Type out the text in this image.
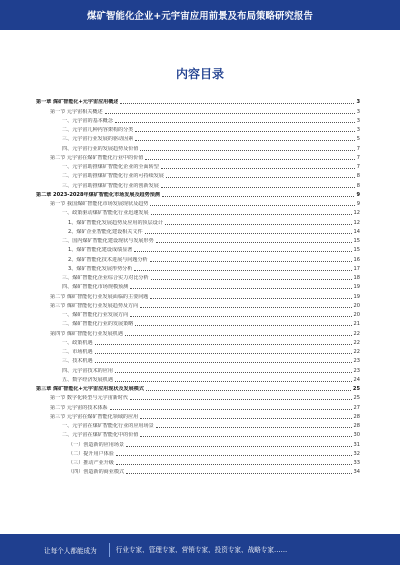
煤矿智能化企业+元宇宙应用前景及布局策略研究报告
内容目录
第一章 煤矿智能化+元宇宙应用概述	3
第一节 元宇宙相关概述	3
一、元宇宙的基本概念	3
二、元宇宙几种内容架构的分类	3
三、元宇宙行业发展的驱动因素	5
四、元宇宙行业的发展趋势及价值	7
第二节 元宇宙在煤矿智能化行业中的价值	7
一、元宇宙助推煤矿智能化企业的全面转型	7
二、元宇宙助推煤矿智能化行业的可持续发展	8
三、元宇宙助推煤矿智能化行业的创新发展	8
第二章 2023-2028年煤矿智能化市场发展及趋势预测	9
第一节 我国煤矿智能化市场发展现状及趋势	9
一、政策驱动煤矿智能化行业迅速发展	12
1、煤矿智能化发展趋势及应用的顶层设计	12
2、煤矿企业智能化建设相关文件	14
二、国内煤矿智能化建设现状与发展形势	15
1、煤矿智能化建设成绩显著	15
2、煤矿智能化技术进展与问题分析	16
3、煤矿智能化发展形势分析	17
三、煤矿智能化企业综合实力对比分析	18
四、煤矿智能化市场规模预测	19
第二节 煤矿智能化行业发展面临的主要问题	19
第三节 煤矿智能化行业发展趋势及方向	20
一、煤矿智能化行业发展方向	20
二、煤矿智能化行业的发展策略	21
第四节 煤矿智能化行业发展机遇	22
一、政策机遇	22
二、市场机遇	22
三、技术机遇	23
四、元宇宙技术的应用	23
五、数字经济发展机遇	24
第三章 煤矿智能化+元宇宙应用现状及发展模式	25
第一节 数字化转型与元宇宙新时代	25
第二节 元宇宙的技术体系	27
第三节 元宇宙在煤矿智能化领域的应用	28
一、元宇宙在煤矿智能化行业的应用场景	28
二、元宇宙在煤矿智能化中的价值	30
（一）创造新的应用场景	31
（二）提升用户体验	32
（三）推动产业升级	33
（四）创造新的商业模式	34
让每个人都能成为	行业专家、管理专家、营销专家、投资专家、战略专家……
